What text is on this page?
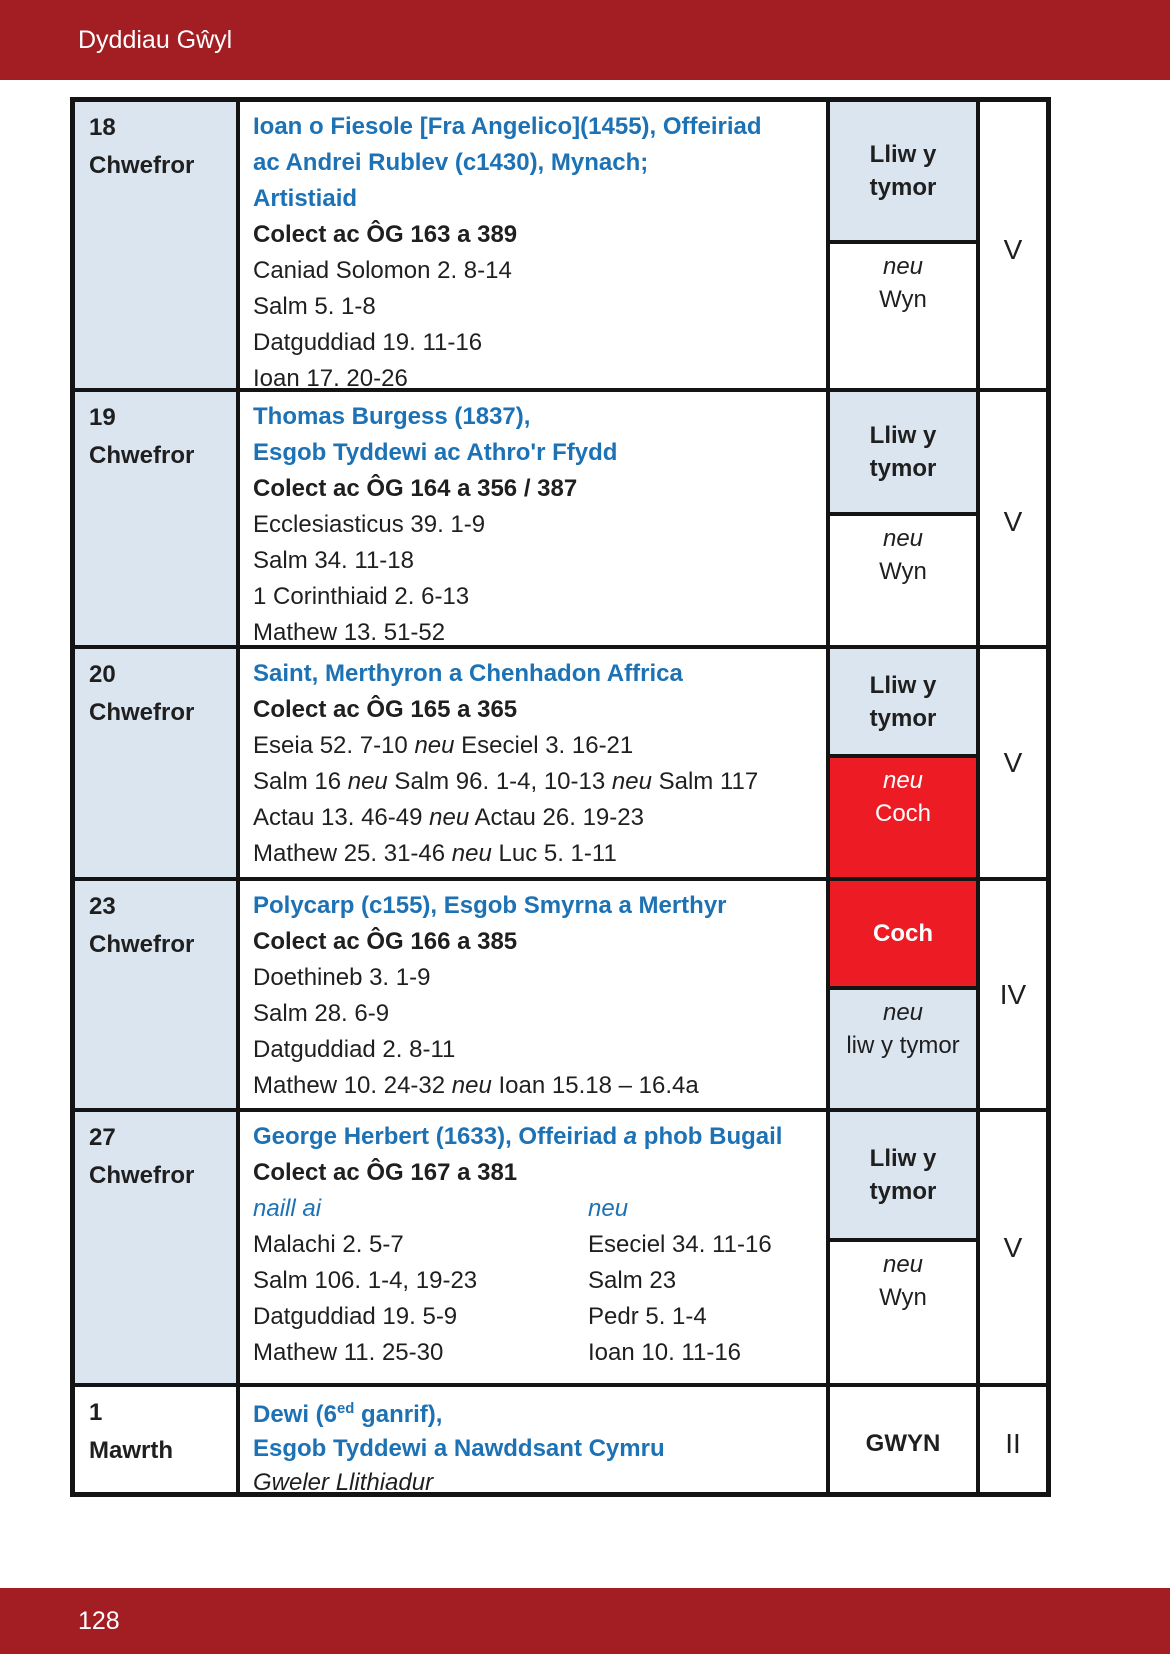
Dyddiau Gŵyl
18
Chwefror
Ioan o Fiesole [Fra Angelico](1455), Offeiriad
ac Andrei Rublev (c1430), Mynach;
Artistiaid
Colect ac ÔG 163 a 389
Caniad Solomon 2. 8-14
Salm 5. 1-8
Datguddiad 19. 11-16
Ioan 17. 20-26
Lliw y tymor
neu
Wyn
V
19
Chwefror
Thomas Burgess (1837),
Esgob Tyddewi ac Athro'r Ffydd
Colect ac ÔG 164 a 356 / 387
Ecclesiasticus 39. 1-9
Salm 34. 11-18
1 Corinthiaid 2. 6-13
Mathew 13. 51-52
Lliw y tymor
neu
Wyn
V
20
Chwefror
Saint, Merthyron a Chenhadon Affrica
Colect ac ÔG 165 a 365
Eseia 52. 7-10 neu Eseciel 3. 16-21
Salm 16 neu Salm 96. 1-4, 10-13 neu Salm 117
Actau 13. 46-49 neu Actau 26. 19-23
Mathew 25. 31-46 neu Luc 5. 1-11
Lliw y tymor
neu
Coch
V
23
Chwefror
Polycarp (c155), Esgob Smyrna a Merthyr
Colect ac ÔG 166 a 385
Doethineb 3. 1-9
Salm 28. 6-9
Datguddiad 2. 8-11
Mathew 10. 24-32 neu Ioan 15.18 – 16.4a
Coch
neu
liw y tymor
IV
27
Chwefror
George Herbert (1633), Offeiriad a phob Bugail
Colect ac ÔG 167 a 381
naill ai
Malachi 2. 5-7
Salm 106. 1-4, 19-23
Datguddiad 19. 5-9
Mathew 11. 25-30
neu
Eseciel 34. 11-16
Salm 23
Pedr 5. 1-4
Ioan 10. 11-16
Lliw y tymor
neu
Wyn
V
1
Mawrth
Dewi ($6^{ed}$ ganrif),
Esgob Tyddewi a Nawddsant Cymru
Gweler Llithiadur
GWYN II
128
